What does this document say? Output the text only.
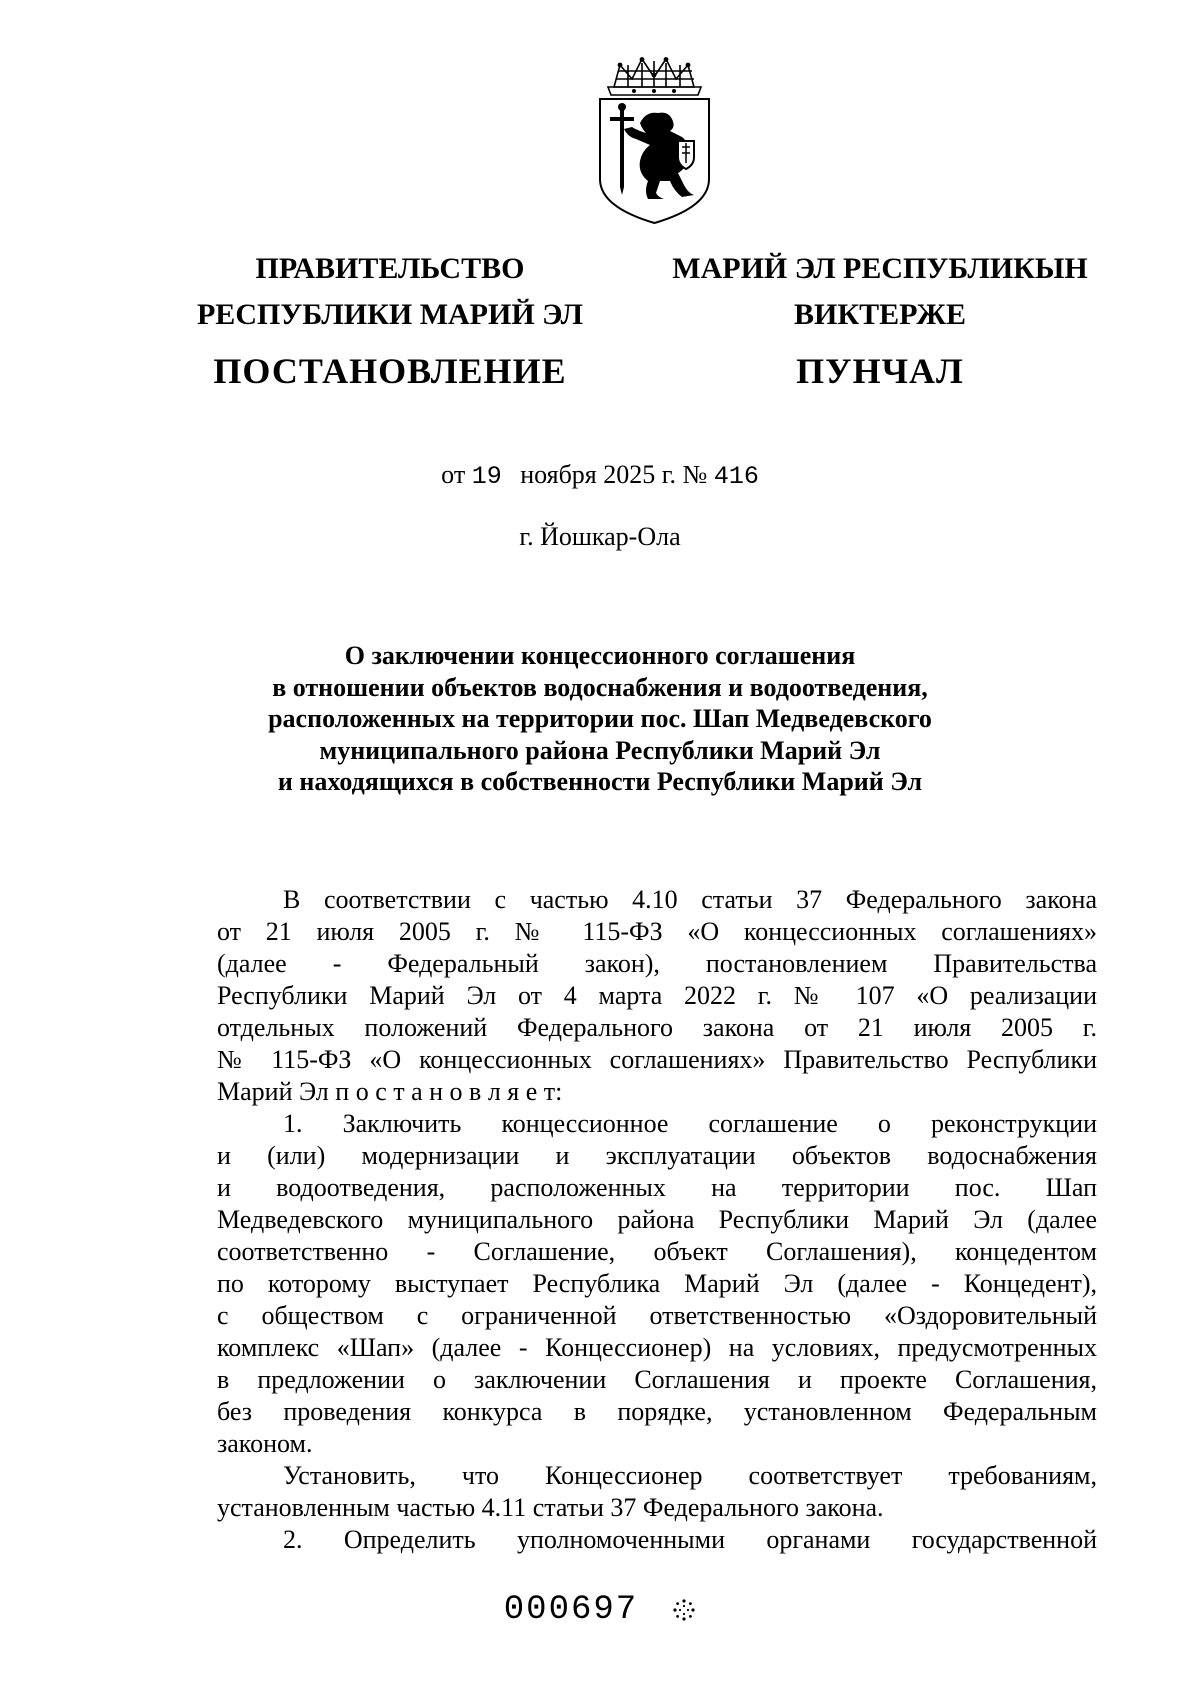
ПРАВИТЕЛЬСТВО
РЕСПУБЛИКИ МАРИЙ ЭЛ
ПОСТАНОВЛЕНИЕ
МАРИЙ ЭЛ РЕСПУБЛИКЫН
ВИКТЕРЖЕ
ПУНЧАЛ
от 19 ноября 2025 г. № 416
г. Йошкар-Ола
О заключении концессионного соглашения
в отношении объектов водоснабжения и водоотведения,
расположенных на территории пос. Шап Медведевского
муниципального района Республики Марий Эл
и находящихся в собственности Республики Марий Эл
В соответствии с частью 4.10 статьи 37 Федерального закона
от 21 июля 2005 г. № 115-ФЗ «О концессионных соглашениях»
(далее - Федеральный закон), постановлением Правительства
Республики Марий Эл от 4 марта 2022 г. № 107 «О реализации
отдельных положений Федерального закона от 21 июля 2005 г.
№ 115-ФЗ «О концессионных соглашениях» Правительство Республики
Марий Эл п о с т а н о в л я е т:
1. Заключить концессионное соглашение о реконструкции
и (или) модернизации и эксплуатации объектов водоснабжения
и водоотведения, расположенных на территории пос. Шап
Медведевского муниципального района Республики Марий Эл (далее
соответственно - Соглашение, объект Соглашения), концедентом
по которому выступает Республика Марий Эл (далее - Концедент),
с обществом с ограниченной ответственностью «Оздоровительный
комплекс «Шап» (далее - Концессионер) на условиях, предусмотренных
в предложении о заключении Соглашения и проекте Соглашения,
без проведения конкурса в порядке, установленном Федеральным
законом.
Установить, что Концессионер соответствует требованиям,
установленным частью 4.11 статьи 37 Федерального закона.
2. Определить уполномоченными органами государственной
000697
